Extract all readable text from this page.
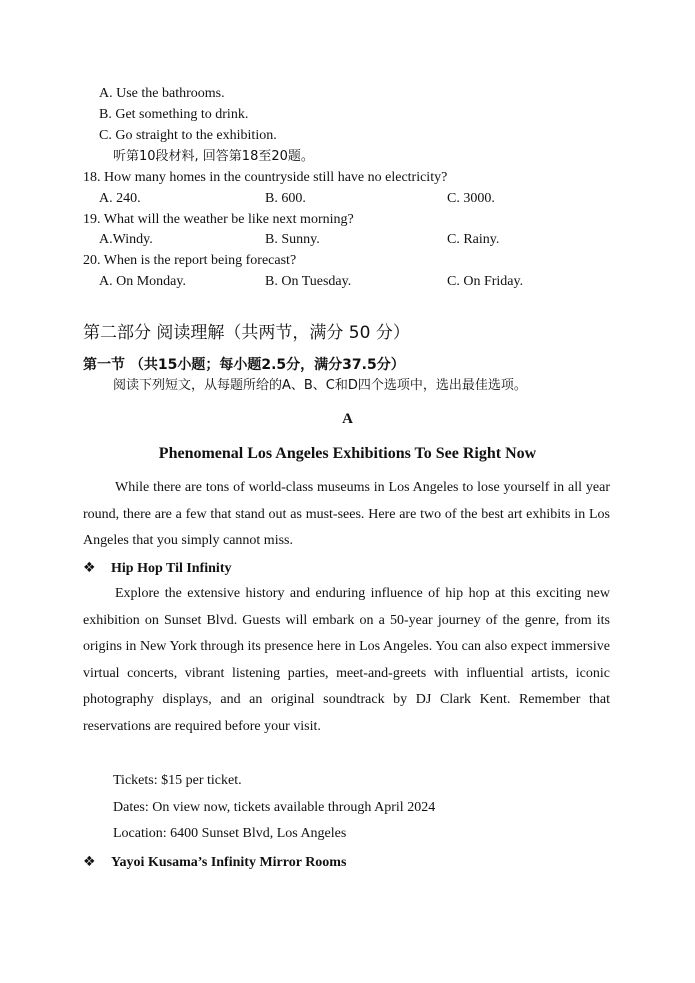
A. Use the bathrooms.
B. Get something to drink.
C. Go straight to the exhibition.
听第10段材料, 回答第18至20题。
18. How many homes in the countryside still have no electricity?
A. 240.	B. 600.	C. 3000.
19. What will the weather be like next morning?
A.Windy.	B. Sunny.	C. Rainy.
20. When is the report being forecast?
A. On Monday.	B. On Tuesday.	C. On Friday.
第二部分 阅读理解（共两节，满分 50 分）
第一节 （共15小题；每小题2.5分，满分37.5分）
阅读下列短文，从每题所给的A、B、C和D四个选项中，选出最佳选项。
A
Phenomenal Los Angeles Exhibitions To See Right Now
While there are tons of world-class museums in Los Angeles to lose yourself in all year round, there are a few that stand out as must-sees. Here are two of the best art exhibits in Los Angeles that you simply cannot miss.
❖ Hip Hop Til Infinity
Explore the extensive history and enduring influence of hip hop at this exciting new exhibition on Sunset Blvd. Guests will embark on a 50-year journey of the genre, from its origins in New York through its presence here in Los Angeles. You can also expect immersive virtual concerts, vibrant listening parties, meet-and-greets with influential artists, iconic photography displays, and an original soundtrack by DJ Clark Kent. Remember that reservations are required before your visit.
Tickets: $15 per ticket.
Dates: On view now, tickets available through April 2024
Location: 6400 Sunset Blvd, Los Angeles
❖ Yayoi Kusama’s Infinity Mirror Rooms
